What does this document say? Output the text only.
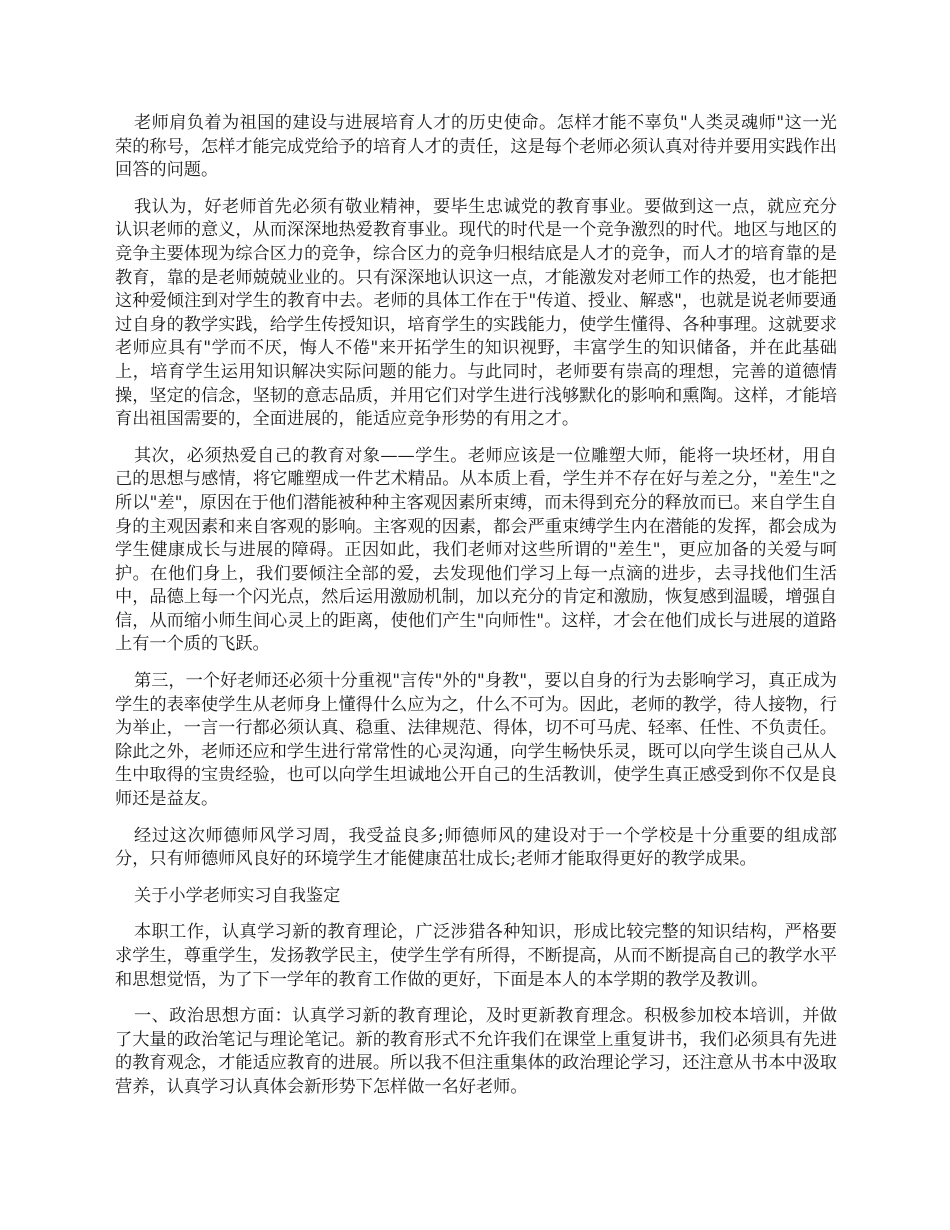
老师肩负着为祖国的建设与进展培育人才的历史使命。怎样才能不辜负"人类灵魂师"这一光荣的称号，怎样才能完成党给予的培育人才的责任，这是每个老师必须认真对待并要用实践作出回答的问题。

我认为，好老师首先必须有敬业精神，要毕生忠诚党的教育事业。要做到这一点，就应充分认识老师的意义，从而深深地热爱教育事业。现代的时代是一个竞争激烈的时代。地区与地区的竞争主要体现为综合区力的竞争，综合区力的竞争归根结底是人才的竞争，而人才的培育靠的是教育，靠的是老师兢兢业业的。只有深深地认识这一点，才能激发对老师工作的热爱，也才能把这种爱倾注到对学生的教育中去。老师的具体工作在于"传道、授业、解惑"，也就是说老师要通过自身的教学实践，给学生传授知识，培育学生的实践能力，使学生懂得、各种事理。这就要求老师应具有"学而不厌，悔人不倦"来开拓学生的知识视野，丰富学生的知识储备，并在此基础上，培育学生运用知识解决实际问题的能力。与此同时，老师要有崇高的理想，完善的道德情操，坚定的信念，坚韧的意志品质，并用它们对学生进行浅够默化的影响和熏陶。这样，才能培育出祖国需要的，全面进展的，能适应竞争形势的有用之才。

其次，必须热爱自己的教育对象——学生。老师应该是一位雕塑大师，能将一块坯材，用自己的思想与感情，将它雕塑成一件艺术精品。从本质上看，学生并不存在好与差之分，"差生"之所以"差"，原因在于他们潜能被种种主客观因素所束缚，而未得到充分的释放而已。来自学生自身的主观因素和来自客观的影响。主客观的因素，都会严重束缚学生内在潜能的发挥，都会成为学生健康成长与进展的障碍。正因如此，我们老师对这些所谓的"差生"，更应加备的关爱与呵护。在他们身上，我们要倾注全部的爱，去发现他们学习上每一点滴的进步，去寻找他们生活中，品德上每一个闪光点，然后运用激励机制，加以充分的肯定和激励，恢复感到温暖，增强自信，从而缩小师生间心灵上的距离，使他们产生"向师性"。这样，才会在他们成长与进展的道路上有一个质的飞跃。

第三，一个好老师还必须十分重视"言传"外的"身教"，要以自身的行为去影响学习，真正成为学生的表率使学生从老师身上懂得什么应为之，什么不可为。因此，老师的教学，待人接物，行为举止，一言一行都必须认真、稳重、法律规范、得体，切不可马虎、轻率、任性、不负责任。除此之外，老师还应和学生进行常常性的心灵沟通，向学生畅快乐灵，既可以向学生谈自己从人生中取得的宝贵经验，也可以向学生坦诚地公开自己的生活教训，使学生真正感受到你不仅是良师还是益友。

经过这次师德师风学习周，我受益良多;师德师风的建设对于一个学校是十分重要的组成部分，只有师德师风良好的环境学生才能健康茁壮成长;老师才能取得更好的教学成果。

关于小学老师实习自我鉴定

本职工作，认真学习新的教育理论，广泛涉猎各种知识，形成比较完整的知识结构，严格要求学生，尊重学生，发扬教学民主，使学生学有所得，不断提高，从而不断提高自己的教学水平和思想觉悟，为了下一学年的教育工作做的更好，下面是本人的本学期的教学及教训。

一、政治思想方面：认真学习新的教育理论，及时更新教育理念。积极参加校本培训，并做了大量的政治笔记与理论笔记。新的教育形式不允许我们在课堂上重复讲书，我们必须具有先进的教育观念，才能适应教育的进展。所以我不但注重集体的政治理论学习，还注意从书本中汲取营养，认真学习认真体会新形势下怎样做一名好老师。
